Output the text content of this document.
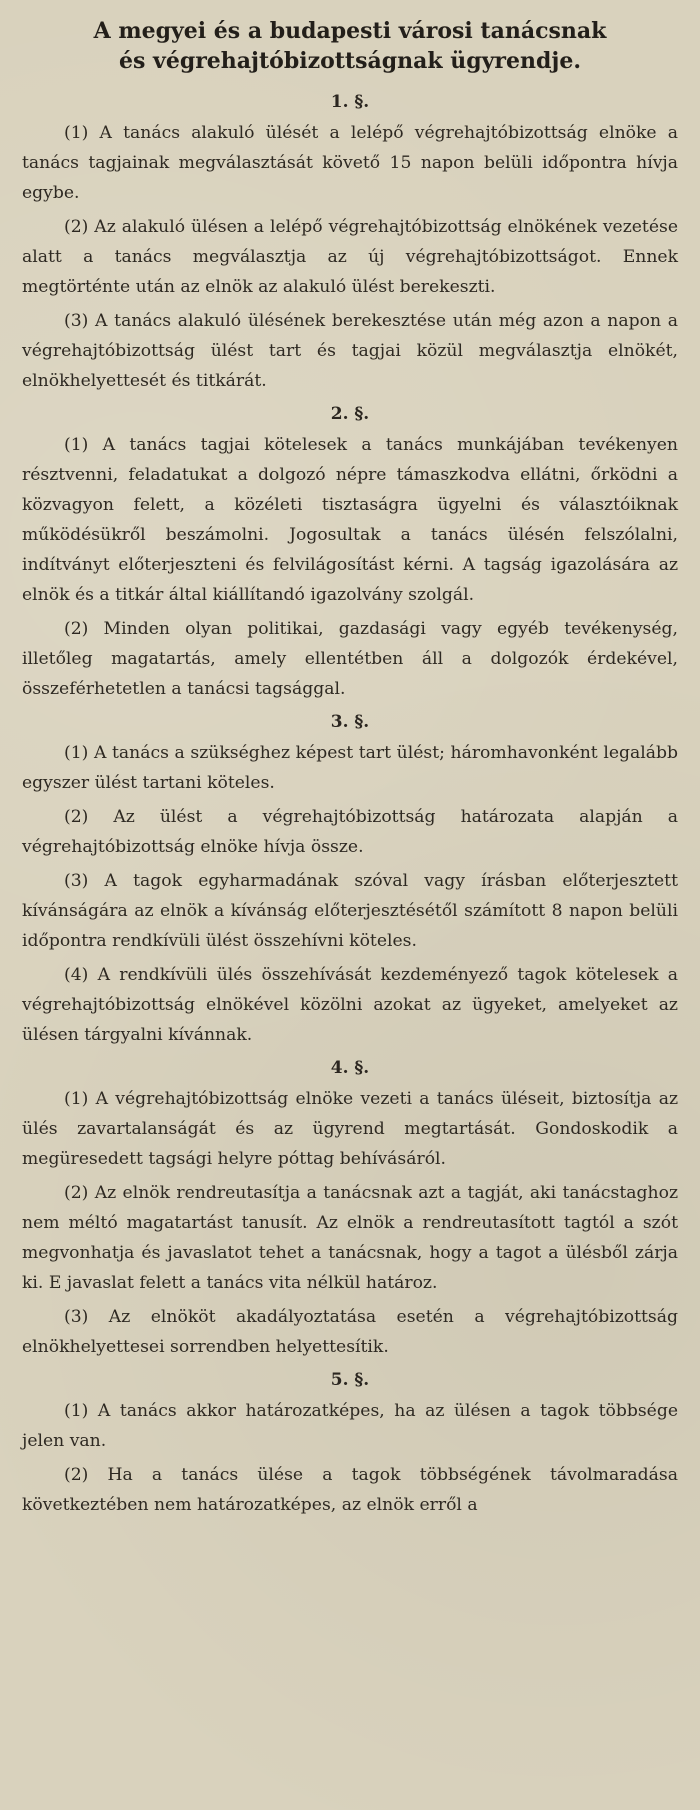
A megyei és a budapesti városi tanácsnak
és végrehajtóbizottságnak ügyrendje.
1. §.

(1) A tanács alakuló ülését a lelépő végrehajtóbizottság elnöke a tanács tagjainak megválasztását követő 15 napon belüli időpontra hívja egybe.

(2) Az alakuló ülésen a lelépő végrehajtóbizottság elnökének vezetése alatt a tanács megválasztja az új végrehajtóbizottságot. Ennek megtörténte után az elnök az alakuló ülést berekeszti.

(3) A tanács alakuló ülésének berekesztése után még azon a napon a végrehajtóbizottság ülést tart és tagjai közül megválasztja elnökét, elnökhelyettesét és titkárát.

2. §.

(1) A tanács tagjai kötelesek a tanács munkájában tevékenyen résztvenni, feladatukat a dolgozó népre támaszkodva ellátni, őrködni a közvagyon felett, a közéleti tisztaságra ügyelni és választóiknak működésükről beszámolni. Jogosultak a tanács ülésén felszólalni, indítványt előterjeszteni és felvilágosítást kérni. A tagság igazolására az elnök és a titkár által kiállítandó igazolvány szolgál.

(2) Minden olyan politikai, gazdasági vagy egyéb tevékenység, illetőleg magatartás, amely ellentétben áll a dolgozók érdekével, összeférhetetlen a tanácsi tagsággal.

3. §.

(1) A tanács a szükséghez képest tart ülést; háromhavonként legalább egyszer ülést tartani köteles.

(2) Az ülést a végrehajtóbizottság határozata alapján a végrehajtóbizottság elnöke hívja össze.

(3) A tagok egyharmadának szóval vagy írásban előterjesztett kívánságára az elnök a kívánság előterjesztésétől számított 8 napon belüli időpontra rendkívüli ülést összehívni köteles.

(4) A rendkívüli ülés összehívását kezdeményező tagok kötelesek a végrehajtóbizottság elnökével közölni azokat az ügyeket, amelyeket az ülésen tárgyalni kívánnak.

4. §.

(1) A végrehajtóbizottság elnöke vezeti a tanács üléseit, biztosítja az ülés zavartalanságát és az ügyrend megtartását. Gondoskodik a megüresedett tagsági helyre póttag behívásáról.

(2) Az elnök rendreutasítja a tanácsnak azt a tagját, aki tanácstaghoz nem méltó magatartást tanusít. Az elnök a rendreutasított tagtól a szót megvonhatja és javaslatot tehet a tanácsnak, hogy a tagot a ülésből zárja ki. E javaslat felett a tanács vita nélkül határoz.

(3) Az elnököt akadályoztatása esetén a végrehajtóbizottság elnökhelyettesei sorrendben helyettesítik.

5. §.

(1) A tanács akkor határozatképes, ha az ülésen a tagok többsége jelen van.

(2) Ha a tanács ülése a tagok többségének távolmaradása következtében nem határozatképes, az elnök erről a
